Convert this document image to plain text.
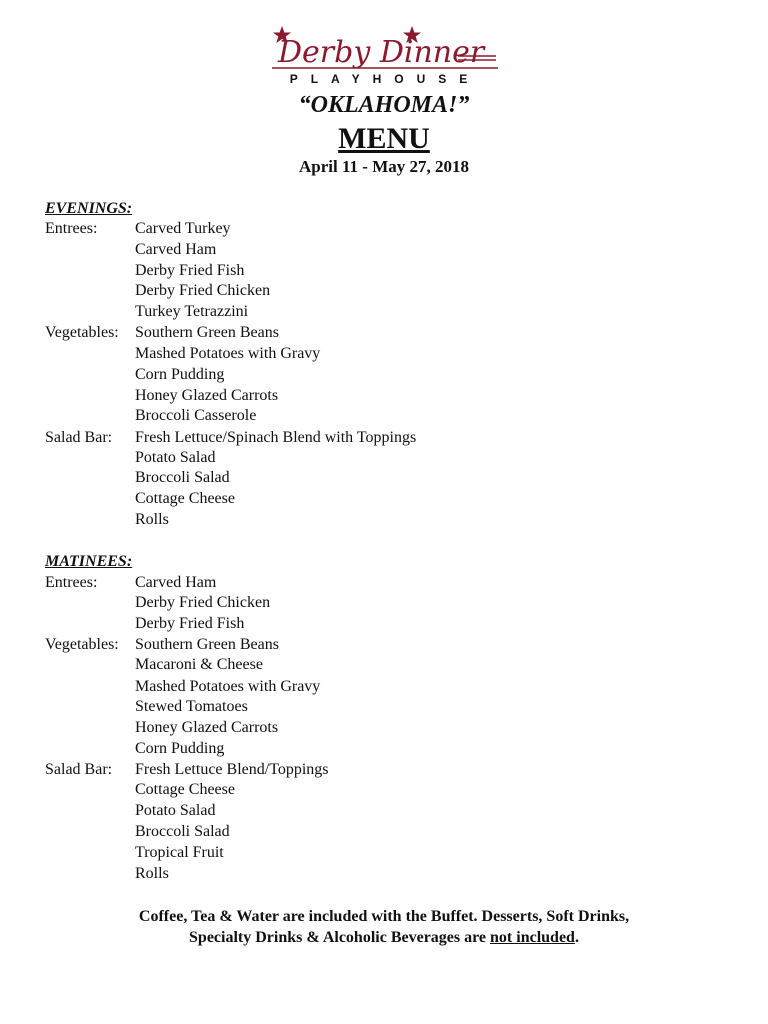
Derby Dinner
PLAYHOUSE
“OKLAHOMA!”
MENU
April 11 - May 27, 2018
EVENINGS:
Entrees: Carved Turkey
Carved Ham
Derby Fried Fish
Derby Fried Chicken
Turkey Tetrazzini
Vegetables: Southern Green Beans
Mashed Potatoes with Gravy
Corn Pudding
Honey Glazed Carrots
Broccoli Casserole
Salad Bar: Fresh Lettuce/Spinach Blend with Toppings
Potato Salad
Broccoli Salad
Cottage Cheese
Rolls
MATINEES:
Entrees: Carved Ham
Derby Fried Chicken
Derby Fried Fish
Vegetables: Southern Green Beans
Macaroni & Cheese
Mashed Potatoes with Gravy
Stewed Tomatoes
Honey Glazed Carrots
Corn Pudding
Salad Bar: Fresh Lettuce Blend/Toppings
Cottage Cheese
Potato Salad
Broccoli Salad
Tropical Fruit
Rolls
Coffee, Tea & Water are included with the Buffet. Desserts, Soft Drinks,
Specialty Drinks & Alcoholic Beverages are not included.
